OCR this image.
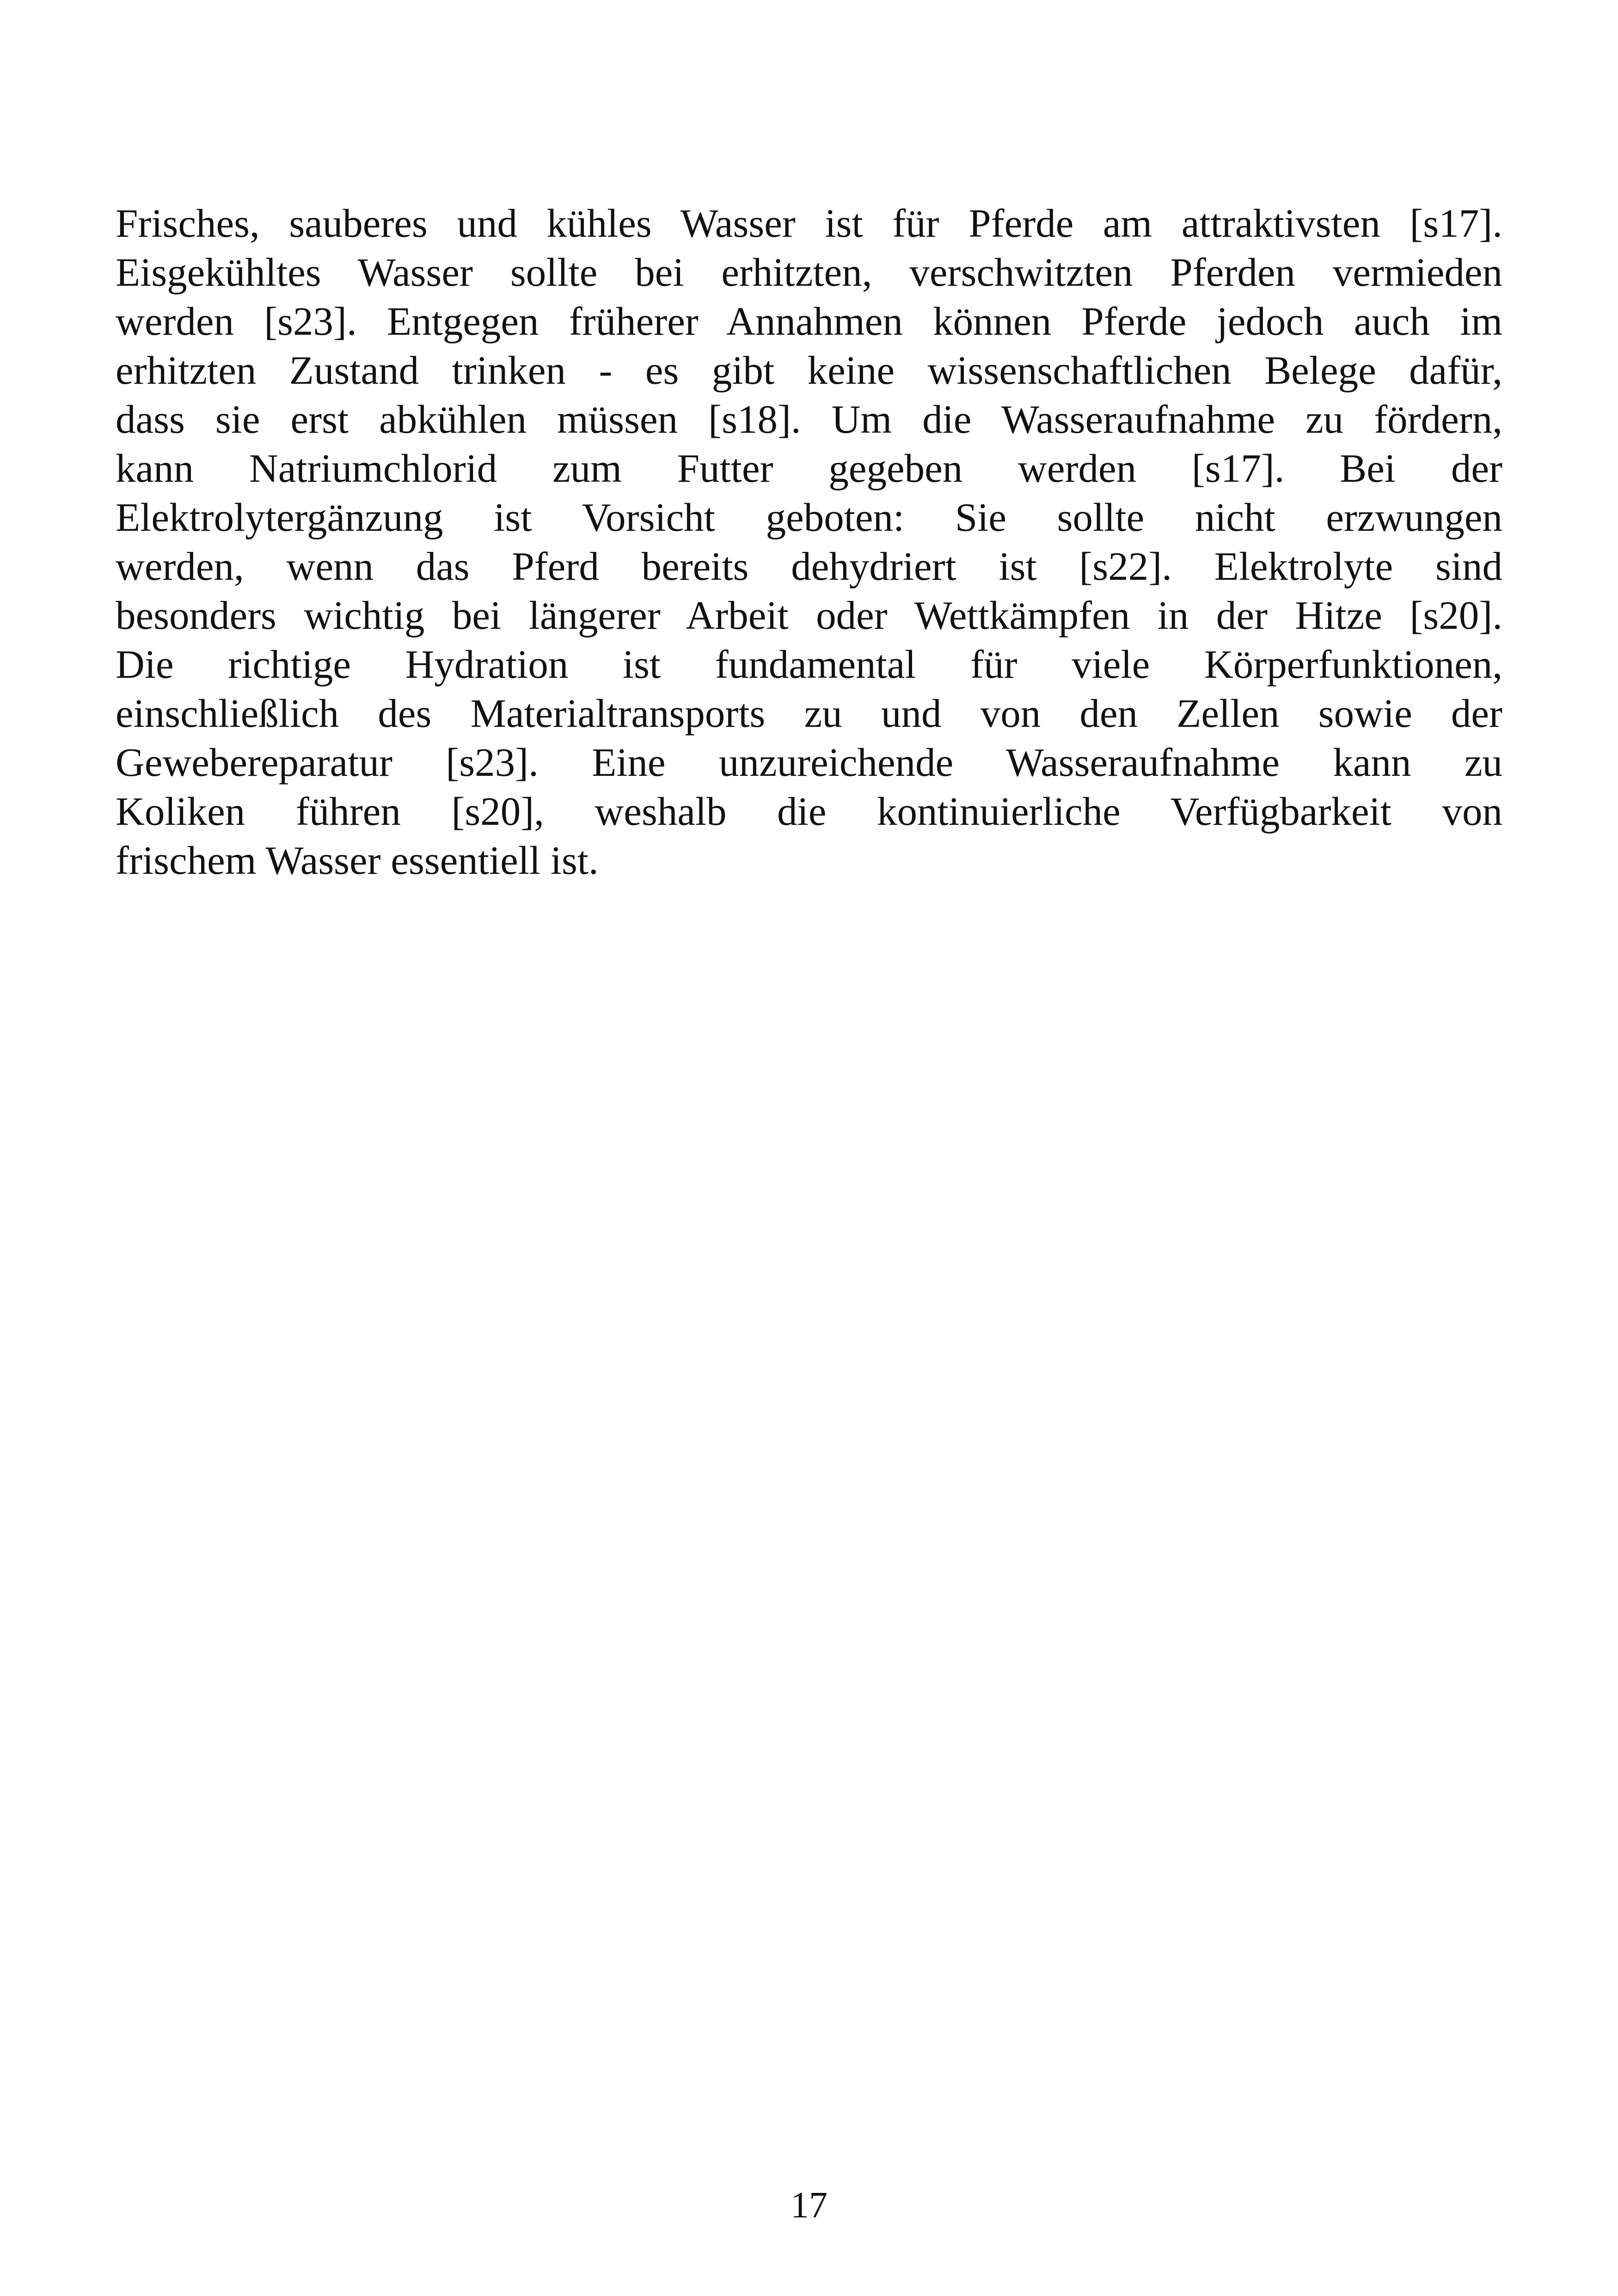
Frisches, sauberes und kühles Wasser ist für Pferde am attraktivsten [s17].
Eisgekühltes Wasser sollte bei erhitzten, verschwitzten Pferden vermieden
werden [s23]. Entgegen früherer Annahmen können Pferde jedoch auch im
erhitzten Zustand trinken - es gibt keine wissenschaftlichen Belege dafür,
dass sie erst abkühlen müssen [s18]. Um die Wasseraufnahme zu fördern,
kann Natriumchlorid zum Futter gegeben werden [s17]. Bei der
Elektrolytergänzung ist Vorsicht geboten: Sie sollte nicht erzwungen
werden, wenn das Pferd bereits dehydriert ist [s22]. Elektrolyte sind
besonders wichtig bei längerer Arbeit oder Wettkämpfen in der Hitze [s20].
Die richtige Hydration ist fundamental für viele Körperfunktionen,
einschließlich des Materialtransports zu und von den Zellen sowie der
Gewebereparatur [s23]. Eine unzureichende Wasseraufnahme kann zu
Koliken führen [s20], weshalb die kontinuierliche Verfügbarkeit von
frischem Wasser essentiell ist.
17
